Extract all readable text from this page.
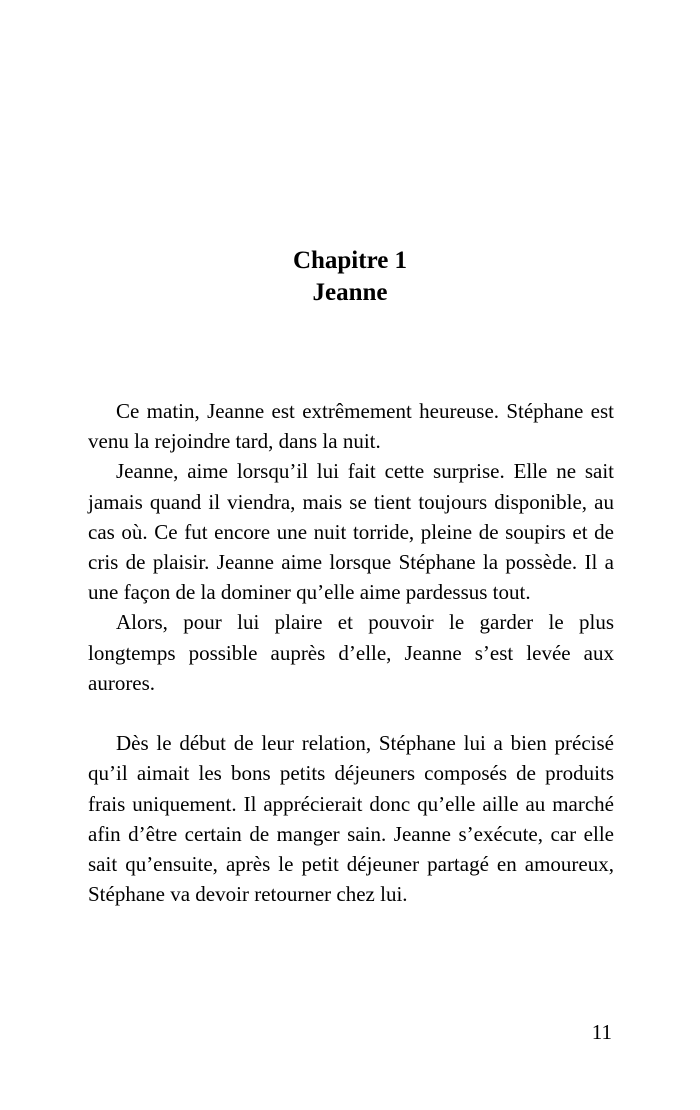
Chapitre 1
Jeanne

Ce matin, Jeanne est extrêmement heureuse. Stéphane est venu la rejoindre tard, dans la nuit.

Jeanne, aime lorsqu’il lui fait cette surprise. Elle ne sait jamais quand il viendra, mais se tient toujours disponible, au cas où. Ce fut encore une nuit torride, pleine de soupirs et de cris de plaisir. Jeanne aime lorsque Stéphane la possède. Il a une façon de la dominer qu’elle aime pardessus tout.

Alors, pour lui plaire et pouvoir le garder le plus longtemps possible auprès d’elle, Jeanne s’est levée aux aurores.

Dès le début de leur relation, Stéphane lui a bien précisé qu’il aimait les bons petits déjeuners composés de produits frais uniquement. Il apprécierait donc qu’elle aille au marché afin d’être certain de manger sain. Jeanne s’exécute, car elle sait qu’ensuite, après le petit déjeuner partagé en amoureux, Stéphane va devoir retourner chez lui.

11
